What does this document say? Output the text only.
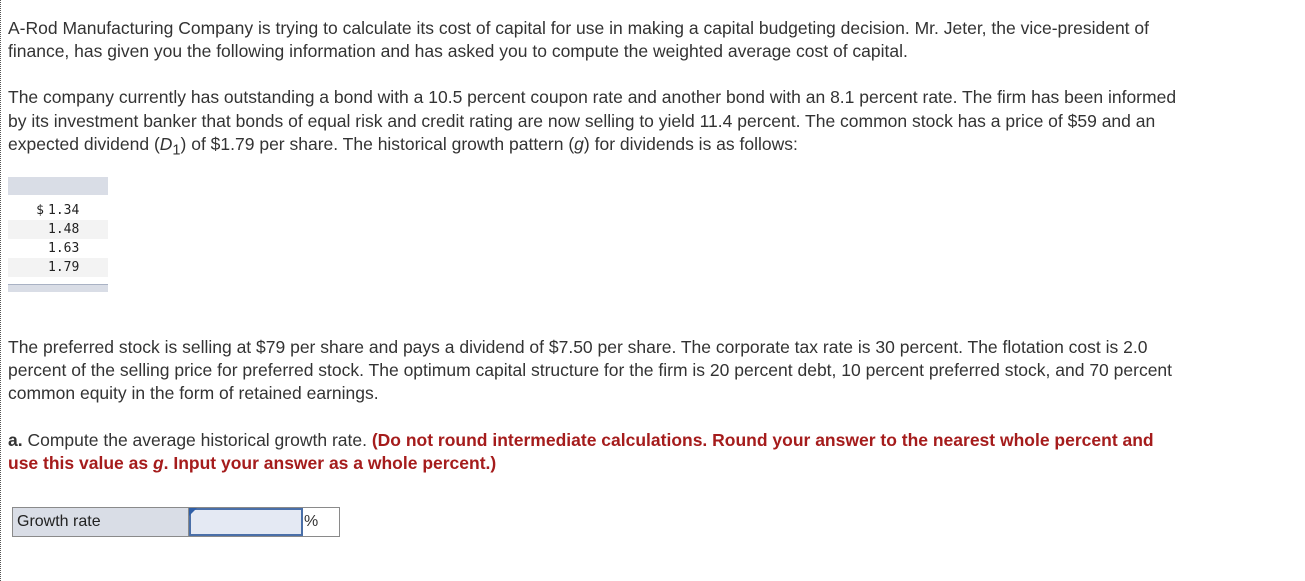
A-Rod Manufacturing Company is trying to calculate its cost of capital for use in making a capital budgeting decision. Mr. Jeter, the vice-president of finance, has given you the following information and has asked you to compute the weighted average cost of capital.

The company currently has outstanding a bond with a 10.5 percent coupon rate and another bond with an 8.1 percent rate. The firm has been informed by its investment banker that bonds of equal risk and credit rating are now selling to yield 11.4 percent. The common stock has a price of $59 and an expected dividend $(D_1)$ of $1.79 per share. The historical growth pattern (g) for dividends is as follows:

$	1.34
	1.48
	1.63
	1.79

The preferred stock is selling at $79 per share and pays a dividend of $7.50 per share. The corporate tax rate is 30 percent. The flotation cost is 2.0 percent of the selling price for preferred stock. The optimum capital structure for the firm is 20 percent debt, 10 percent preferred stock, and 70 percent common equity in the form of retained earnings.

a. Compute the average historical growth rate. (Do not round intermediate calculations. Round your answer to the nearest whole percent and use this value as g. Input your answer as a whole percent.)

Growth rate	%
